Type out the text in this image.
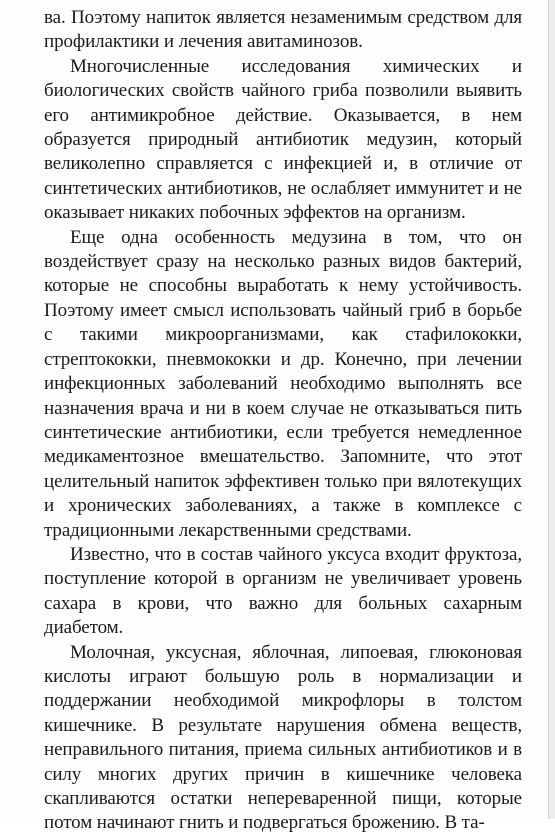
ва. Поэтому напиток является незаменимым средством для профилактики и лечения авитаминозов.

Многочисленные исследования химических и биологических свойств чайного гриба позволили выявить его антимикробное действие. Оказывается, в нем образуется природный антибиотик медузин, который великолепно справляется с инфекцией и, в отличие от синтетических антибиотиков, не ослабляет иммунитет и не оказывает никаких побочных эффектов на организм.

Еще одна особенность медузина в том, что он воздействует сразу на несколько разных видов бактерий, которые не способны выработать к нему устойчивость. Поэтому имеет смысл использовать чайный гриб в борьбе с такими микроорганизмами, как стафилококки, стрептококки, пневмококки и др. Конечно, при лечении инфекционных заболеваний необходимо выполнять все назначения врача и ни в коем случае не отказываться пить синтетические антибиотики, если требуется немедленное медикаментозное вмешательство. Запомните, что этот целительный напиток эффективен только при вялотекущих и хронических заболеваниях, а также в комплексе с традиционными лекарственными средствами.

Известно, что в состав чайного уксуса входит фруктоза, поступление которой в организм не увеличивает уровень сахара в крови, что важно для больных сахарным диабетом.

Молочная, уксусная, яблочная, липоевая, глюконовая кислоты играют большую роль в нормализации и поддержании необходимой микрофлоры в толстом кишечнике. В результате нарушения обмена веществ, неправильного питания, приема сильных антибиотиков и в силу многих других причин в кишечнике человека скапливаются остатки непереваренной пищи, которые потом начинают гнить и подвергаться брожению. В та-
